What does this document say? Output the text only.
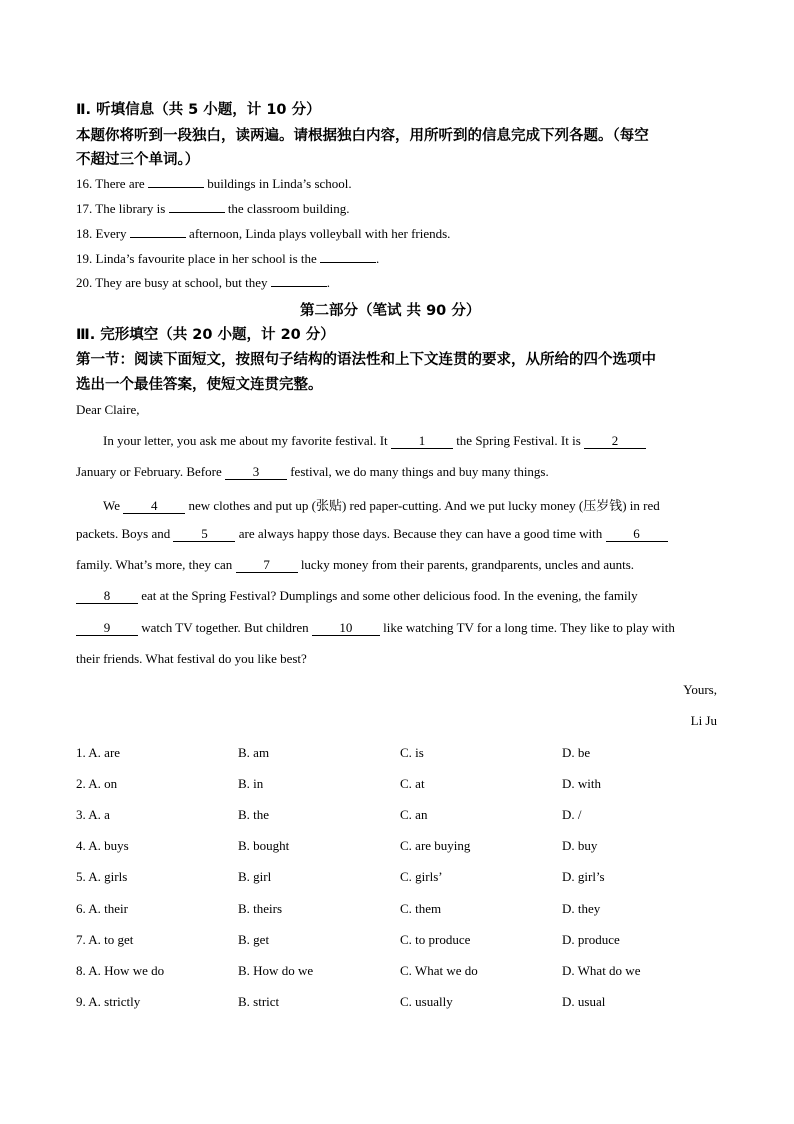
Ⅱ. 听填信息（共 5 小题，计 10 分）
本题你将听到一段独白，读两遍。请根据独白内容，用所听到的信息完成下列各题。（每空
不超过三个单词。）
16. There are	buildings in Linda’s school.
17. The library is	the classroom building.
18. Every	afternoon, Linda plays volleyball with her friends.
19. Linda’s favourite place in her school is the	.
20. They are busy at school, but they	.
第二部分（笔试 共 90 分）
Ⅲ. 完形填空（共 20 小题，计 20 分）
第一节：阅读下面短文，按照句子结构的语法性和上下文连贯的要求，从所给的四个选项中
选出一个最佳答案，使短文连贯完整。
Dear Claire,
In your letter, you ask me about my favorite festival. It 1 the Spring Festival. It is 2
January or February. Before 3 festival, we do many things and buy many things.
We 4 new clothes and put up (张贴) red paper-cutting. And we put lucky money (压岁钱) in red
packets. Boys and 5 are always happy those days. Because they can have a good time with 6
family. What’s more, they can 7 lucky money from their parents, grandparents, uncles and aunts.
8 eat at the Spring Festival? Dumplings and some other delicious food. In the evening, the family
9 watch TV together. But children 10 like watching TV for a long time. They like to play with
their friends. What festival do you like best?
Yours,
Li Ju
1. A. are	B. am	C. is	D. be
2. A. on	B. in	C. at	D. with
3. A. a	B. the	C. an	D. /
4. A. buys	B. bought	C. are buying	D. buy
5. A. girls	B. girl	C. girls’	D. girl’s
6. A. their	B. theirs	C. them	D. they
7. A. to get	B. get	C. to produce	D. produce
8. A. How we do	B. How do we	C. What we do	D. What do we
9. A. strictly	B. strict	C. usually	D. usual
